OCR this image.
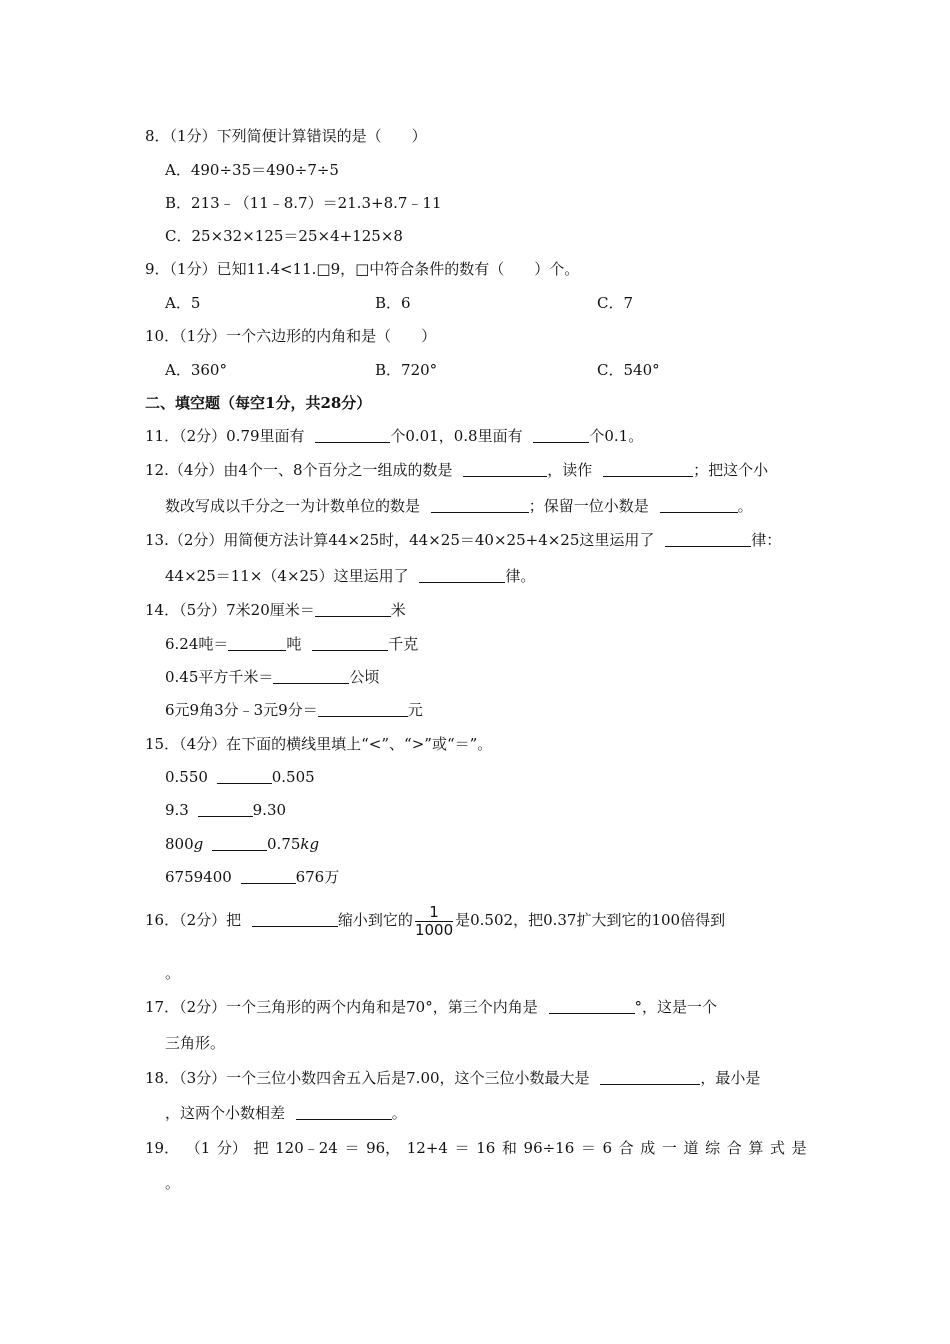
8．（1分）下列简便计算错误的是（　　）
A．490÷35＝490÷7÷5
B．213﹣（11﹣8.7）＝21.3+8.7﹣11
C．25×32×125＝25×4+125×8
9．（1分）已知11.4<11.□9，□中符合条件的数有（　　）个。
A．5	B．6	C．7
10．（1分）一个六边形的内角和是（　　）
A．360°	B．720°	C．540°
二、填空题（每空1分，共28分）
11．（2分）0.79里面有	个0.01，0.8里面有	个0.1。
12.（4分）由4个一、8个百分之一组成的数是	，读作	；把这个小
数改写成以千分之一为计数单位的数是	；保留一位小数是	。
13.（2分）用简便方法计算44×25时，44×25＝40×25+4×25这里运用了	律：
44×25＝11×（4×25）这里运用了	律。
14．（5分）7米20厘米＝	米
6.24吨＝	吨	千克
0.45平方千米＝	公顷
6元9角3分﹣3元9分＝	元
15．（4分）在下面的横线里填上“<”、“>”或“＝”。
0.550	0.505
9.3	9.30
800𝑔	0.75𝑘𝑔
6759400	676万
16．（2分）把	缩小到它的 $\frac{1}{1000}$ 是0.502，把0.37扩大到它的100倍得到
。
17．（2分）一个三角形的两个内角和是70°，第三个内角是	°，这是一个
三角形。
18．（3分）一个三位小数四舍五入后是7.00，这个三位小数最大是	，最小是
，这两个小数相差	。
19． （1 分） 把 120﹣24 ＝ 96， 12+4 ＝ 16 和 96÷16 ＝ 6 合 成 一 道 综 合 算 式 是
。
